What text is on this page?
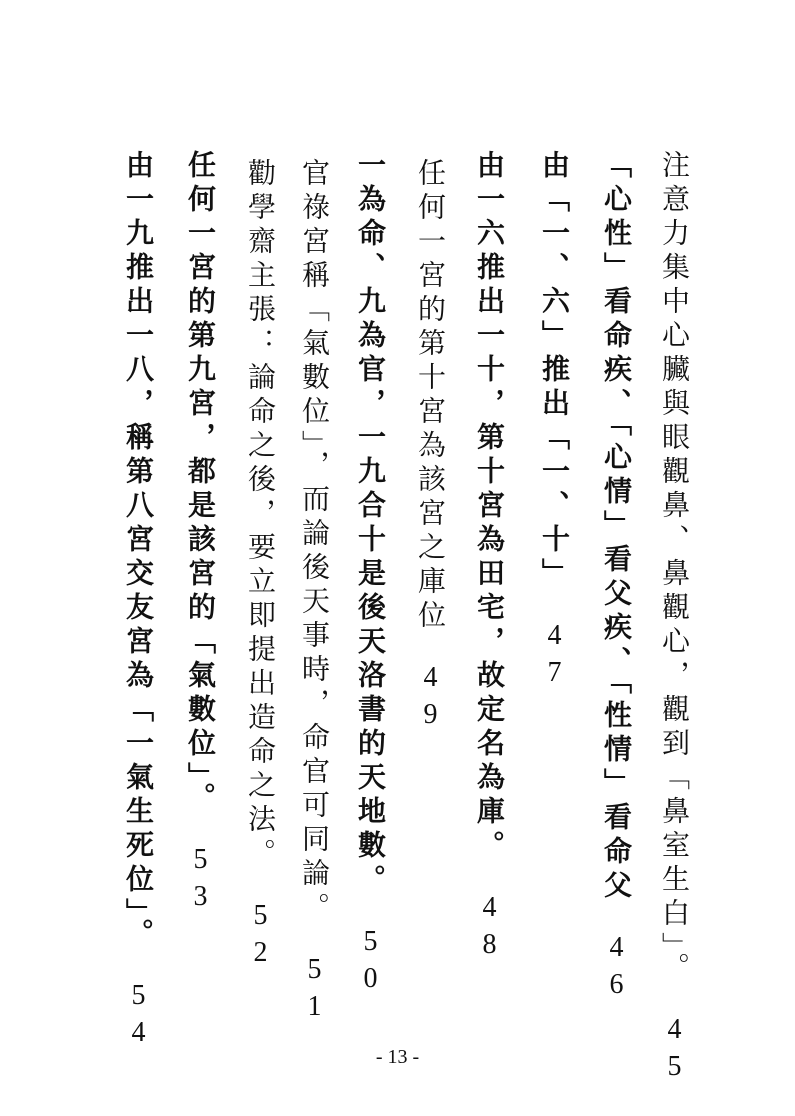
注意力集中心臟與眼觀鼻、鼻觀心，觀到「鼻室生白」。45
「心性」看命疾、「心情」看父疾、「性情」看命父46
由「一、六」推出「一、十」47
由一六推出一十，第十宮為田宅，故定名為庫。48
任何一宮的第十宮為該宮之庫位49
一為命、九為官，一九合十是後天洛書的天地數。50
官祿宮稱「氣數位」，而論後天事時，命官可同論。51
勸學齋主張：論命之後，要立即提出造命之法。52
任何一宮的第九宮，都是該宮的「氣數位」。53
由一九推出一八，稱第八宮交友宮為「一氣生死位」。54
- 13 -
